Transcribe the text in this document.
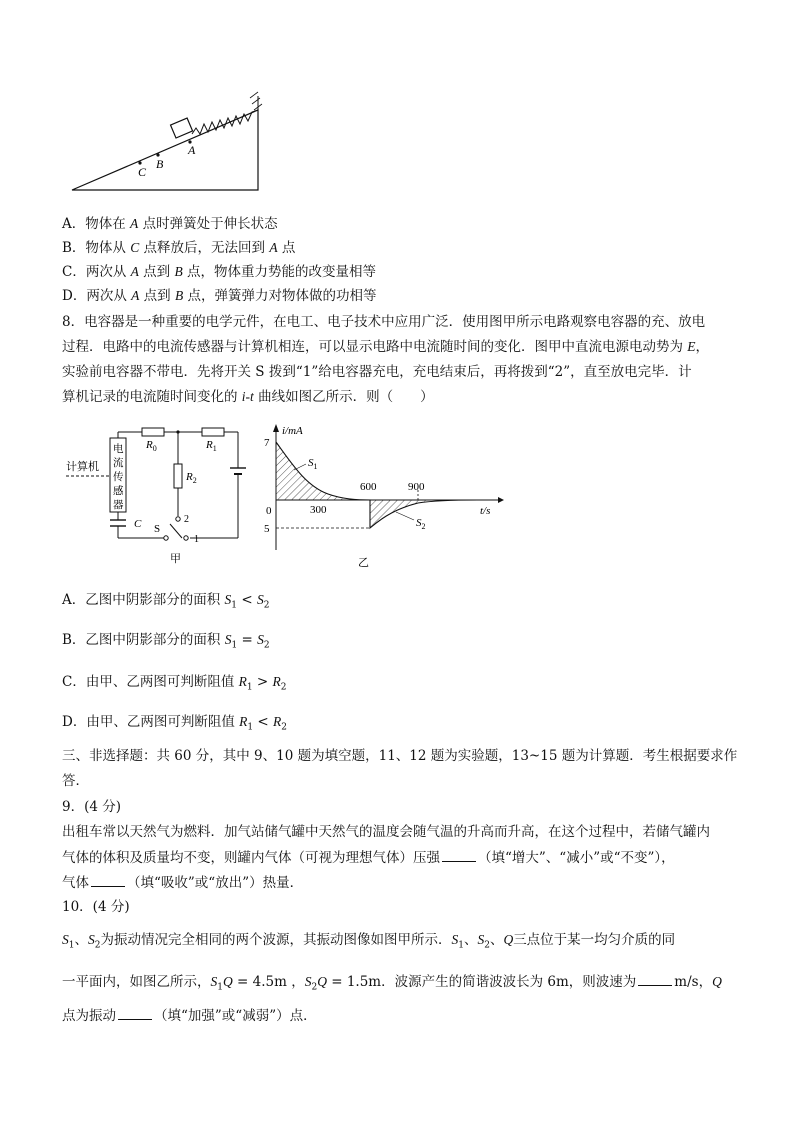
A
B
C
A．物体在 A 点时弹簧处于伸长状态
B．物体从 C 点释放后，无法回到 A 点
C．两次从 A 点到 B 点，物体重力势能的改变量相等
D．两次从 A 点到 B 点，弹簧弹力对物体做的功相等
8．电容器是一种重要的电学元件，在电工、电子技术中应用广泛．使用图甲所示电路观察电容器的充、放电
过程．电路中的电流传感器与计算机相连，可以显示电路中电流随时间的变化．图甲中直流电源电动势为 E，
实验前电容器不带电．先将开关 S 拨到“1”给电容器充电，充电结束后，再将拨到“2”，直至放电完毕．计
算机记录的电流随时间变化的 i-t 曲线如图乙所示．则（　　）
计算机
电
流
传
感
器
$R_0$	$R_1$
$R_2$
C S
2
1
甲
i/mA
t/s
7
0
5
300
600	900
$S_1$
$S_2$
乙
A．乙图中阴影部分的面积 $S_1 < S_2$
B．乙图中阴影部分的面积 $S_1 = S_2$
C．由甲、乙两图可判断阻值 $R_1 > R_2$
D．由甲、乙两图可判断阻值 $R_1 < R_2$
三、非选择题：共 60 分，其中 9、10 题为填空题，11、12 题为实验题，13~15 题为计算题．考生根据要求作
答．
9．(4 分)
出租车常以天然气为燃料．加气站储气罐中天然气的温度会随气温的升高而升高，在这个过程中，若储气罐内
气体的体积及质量均不变，则罐内气体（可视为理想气体）压强	（填“增大”、“减小”或“不变”），
气体	（填“吸收”或“放出”）热量．
10．(4 分)
$S_1$、$S_2$为振动情况完全相同的两个波源，其振动图像如图甲所示．$S_1$、$S_2$、Q三点位于某一均匀介质的同
一平面内，如图乙所示，$S_1Q = 4.5m$ ，$S_2Q = 1.5m$．波源产生的简谐波波长为 6m，则波速为	m/s，Q
点为振动	（填“加强”或“减弱”）点．
